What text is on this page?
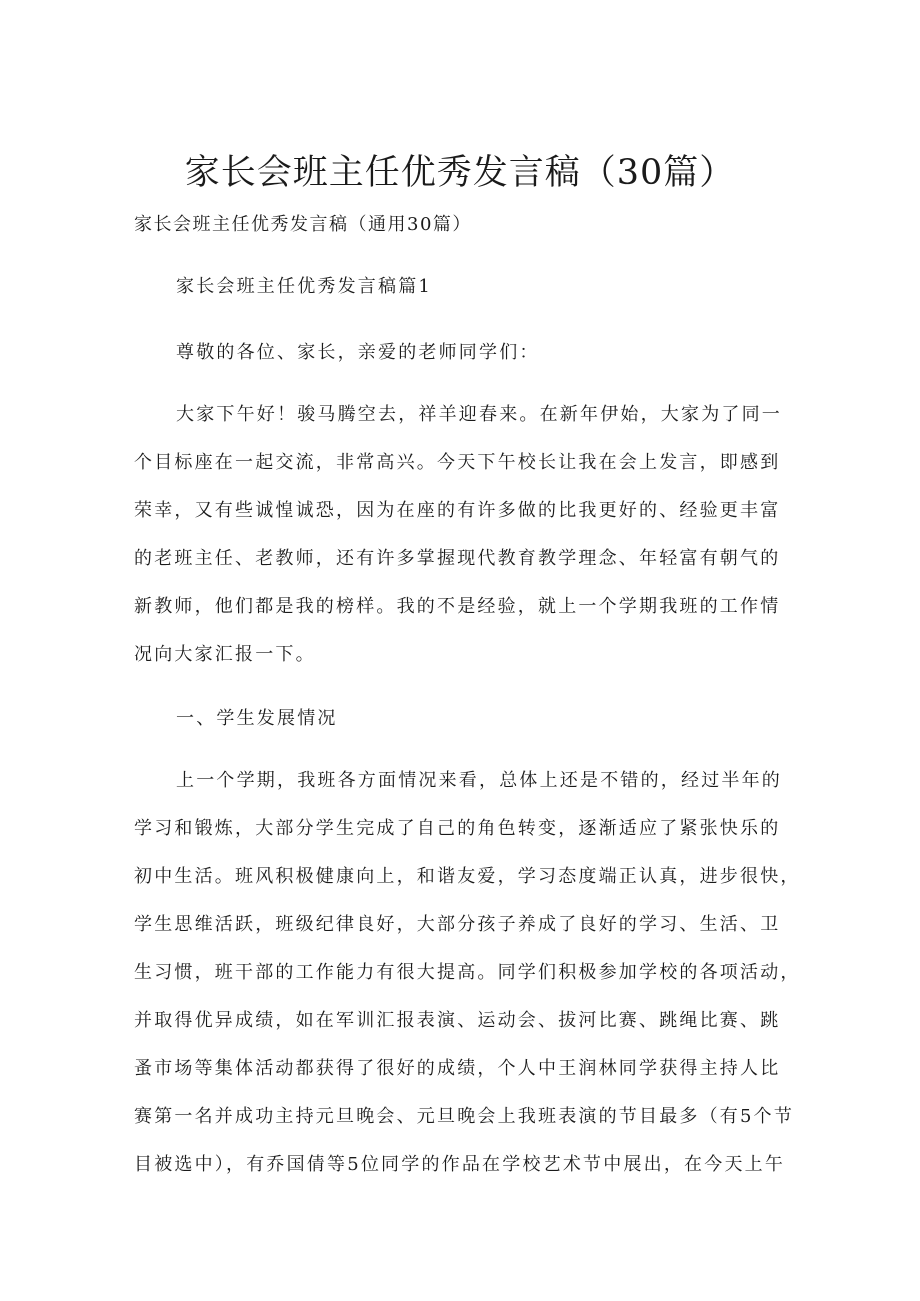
家长会班主任优秀发言稿（30篇）

家长会班主任优秀发言稿（通用30篇）

家长会班主任优秀发言稿篇1

尊敬的各位、家长，亲爱的老师同学们：

大家下午好！骏马腾空去，祥羊迎春来。在新年伊始，大家为了同一

个目标座在一起交流，非常高兴。今天下午校长让我在会上发言，即感到

荣幸，又有些诚惶诚恐，因为在座的有许多做的比我更好的、经验更丰富

的老班主任、老教师，还有许多掌握现代教育教学理念、年轻富有朝气的

新教师，他们都是我的榜样。我的不是经验，就上一个学期我班的工作情

况向大家汇报一下。

一、学生发展情况

上一个学期，我班各方面情况来看，总体上还是不错的，经过半年的

学习和锻炼，大部分学生完成了自己的角色转变，逐渐适应了紧张快乐的

初中生活。班风积极健康向上，和谐友爱，学习态度端正认真，进步很快，

学生思维活跃，班级纪律良好，大部分孩子养成了良好的学习、生活、卫

生习惯，班干部的工作能力有很大提高。同学们积极参加学校的各项活动，

并取得优异成绩，如在军训汇报表演、运动会、拔河比赛、跳绳比赛、跳

蚤市场等集体活动都获得了很好的成绩，个人中王润林同学获得主持人比

赛第一名并成功主持元旦晚会、元旦晚会上我班表演的节目最多（有5个节

目被选中），有乔国倩等5位同学的作品在学校艺术节中展出，在今天上午
